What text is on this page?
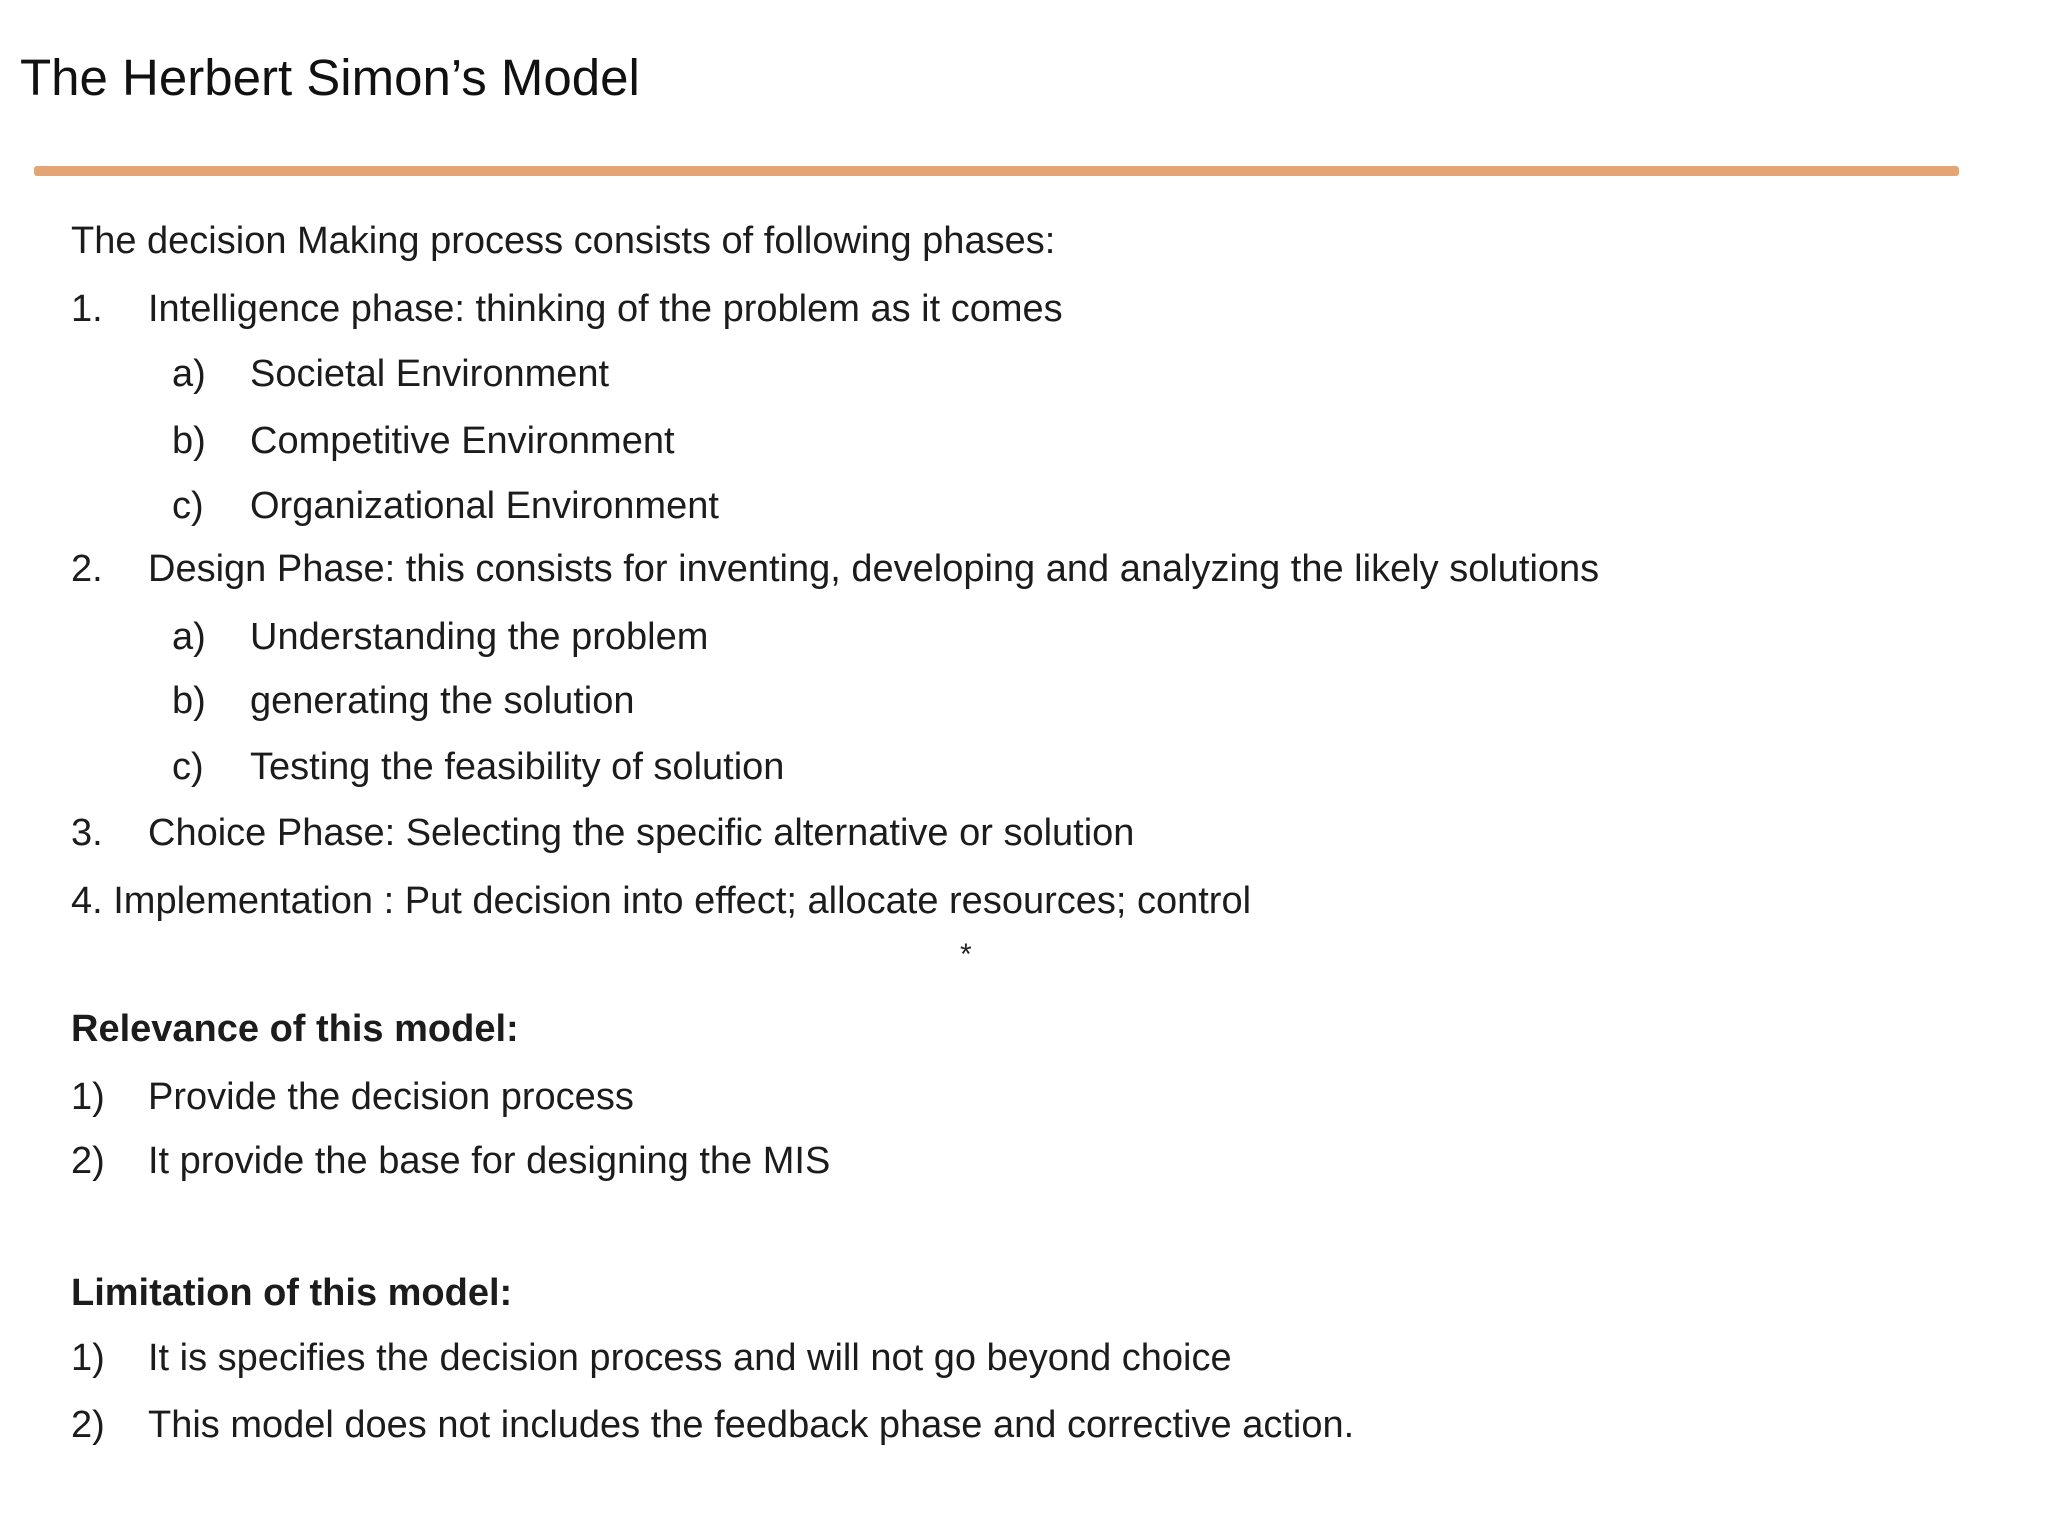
The Herbert Simon’s Model
The decision Making process consists of following phases:
1. Intelligence phase: thinking of the problem as it comes
a) Societal Environment
b) Competitive Environment
c) Organizational Environment
2. Design Phase: this consists for inventing, developing and analyzing the likely solutions
a) Understanding the problem
b) generating the solution
c) Testing the feasibility of solution
3. Choice Phase: Selecting the specific alternative or solution
4. Implementation : Put decision into effect; allocate resources; control
*
Relevance of this model:
1) Provide the decision process
2) It provide the base for designing the MIS
Limitation of this model:
1) It is specifies the decision process and will not go beyond choice
2) This model does not includes the feedback phase and corrective action.
